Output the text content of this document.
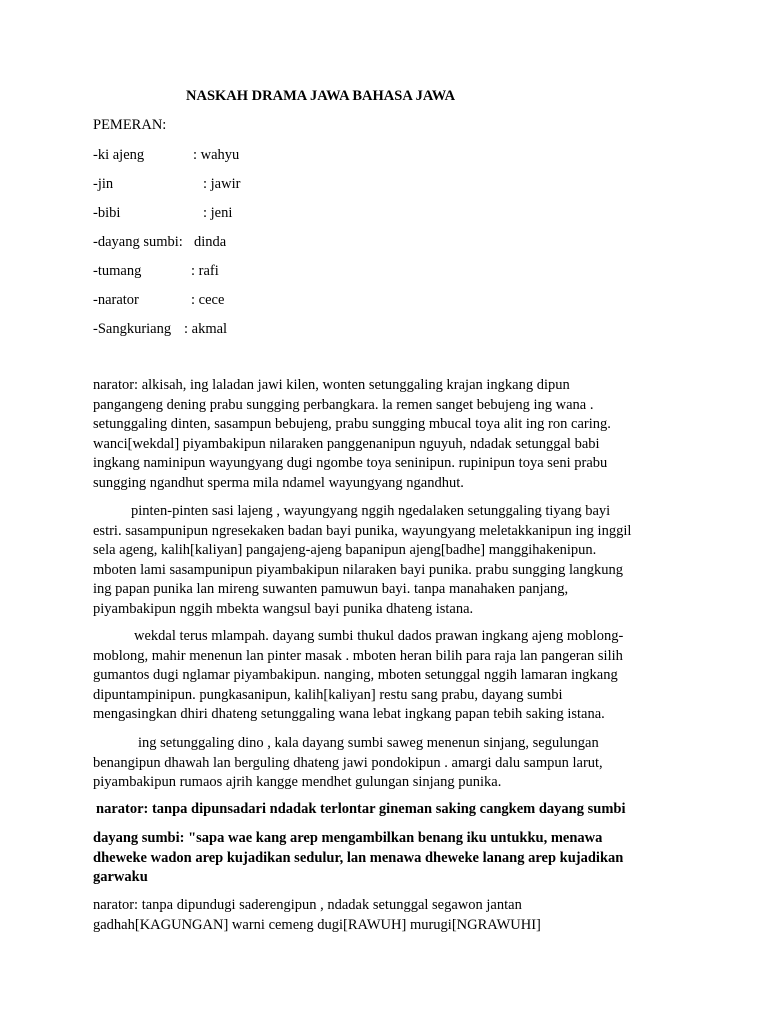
NASKAH DRAMA JAWA BAHASA JAWA
PEMERAN:
-ki ajeng	: wahyu
-jin	: jawir
-bibi	: jeni
-dayang sumbi: dinda
-tumang	: rafi
-narator	: cece
-Sangkuriang : akmal

narator: alkisah, ing laladan jawi kilen, wonten setunggaling krajan ingkang dipun
pangangeng dening prabu sungging perbangkara. la remen sanget bebujeng ing wana .
setunggaling dinten, sasampun bebujeng, prabu sungging mbucal toya alit ing ron caring.
wanci[wekdal] piyambakipun nilaraken panggenanipun nguyuh, ndadak setunggal babi
ingkang naminipun wayungyang dugi ngombe toya seninipun. rupinipun toya seni prabu
sungging ngandhut sperma mila ndamel wayungyang ngandhut.

pinten-pinten sasi lajeng , wayungyang nggih ngedalaken setunggaling tiyang bayi
estri. sasampunipun ngresekaken badan bayi punika, wayungyang meletakkanipun ing inggil
sela ageng, kalih[kaliyan] pangajeng-ajeng bapanipun ajeng[badhe] manggihakenipun.
mboten lami sasampunipun piyambakipun nilaraken bayi punika. prabu sungging langkung
ing papan punika lan mireng suwanten pamuwun bayi. tanpa manahaken panjang,
piyambakipun nggih mbekta wangsul bayi punika dhateng istana.

wekdal terus mlampah. dayang sumbi thukul dados prawan ingkang ajeng moblong-
moblong, mahir menenun lan pinter masak . mboten heran bilih para raja lan pangeran silih
gumantos dugi nglamar piyambakipun. nanging, mboten setunggal nggih lamaran ingkang
dipuntampinipun. pungkasanipun, kalih[kaliyan] restu sang prabu, dayang sumbi
mengasingkan dhiri dhateng setunggaling wana lebat ingkang papan tebih saking istana.

ing setunggaling dino , kala dayang sumbi saweg menenun sinjang, segulungan
benangipun dhawah lan berguling dhateng jawi pondokipun . amargi dalu sampun larut,
piyambakipun rumaos ajrih kangge mendhet gulungan sinjang punika.

narator: tanpa dipunsadari ndadak terlontar gineman saking cangkem dayang sumbi

dayang sumbi: "sapa wae kang arep mengambilkan benang iku untukku, menawa
dheweke wadon arep kujadikan sedulur, lan menawa dheweke lanang arep kujadikan
garwaku

narator: tanpa dipundugi saderengipun , ndadak setunggal segawon jantan
gadhah[KAGUNGAN] warni cemeng dugi[RAWUH] murugi[NGRAWUHI]
